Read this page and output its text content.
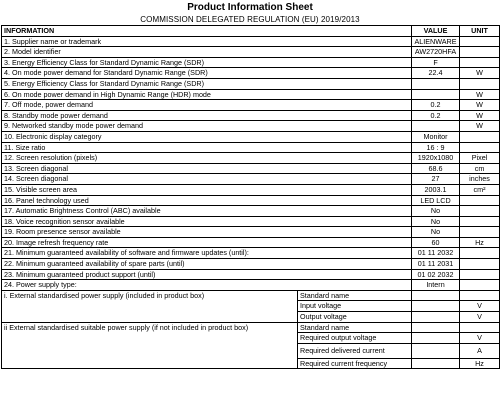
Product Information Sheet
COMMISSION DELEGATED REGULATION (EU) 2019/2013
INFORMATION		VALUE	UNIT
1. Supplier name or trademark		ALIENWARE	
2. Model identifier		AW2720HFA	
3. Energy Efficiency Class for Standard Dynamic Range (SDR)		F	
4. On mode power demand for Standard Dynamic Range (SDR)		22.4	W
5. Energy Efficiency Class for Standard Dynamic Range (SDR)			
6. On mode power demand in High Dynamic Range (HDR) mode			W
7. Off mode, power demand		0.2	W
8. Standby mode power demand		0.2	W
9. Networked standby mode power demand			W
10. Electronic display category		Monitor	
11. Size ratio		16 : 9	
12. Screen resolution (pixels)		1920x1080	Pixel
13. Screen diagonal		68.6	cm
14. Screen diagonal		27	inches
15. Visible screen area		2003.1	cm²
16. Panel technology used		LED LCD	
17. Automatic Brightness Control (ABC) available		No	
18. Voice recognition sensor available		No	
19. Room presence sensor available		No	
20. Image refresh frequency rate		60	Hz
21. Minimum guaranteed availability of software and firmware updates (until):		01 11 2032	
22. Minimum guaranteed availability of spare parts (until)		01 11 2031	
23. Minimum guaranteed product support (until)		01 02 2032	
24. Power supply type:		Intern	
i. External standardised power supply (included in product box)	Standard name		
	Input voltage		V
	Output voltage		V
ii External standardised suitable power supply (if not included in product box)	Standard name		
	Required output voltage		V
	Required delivered current		A
	Required current frequency		Hz
